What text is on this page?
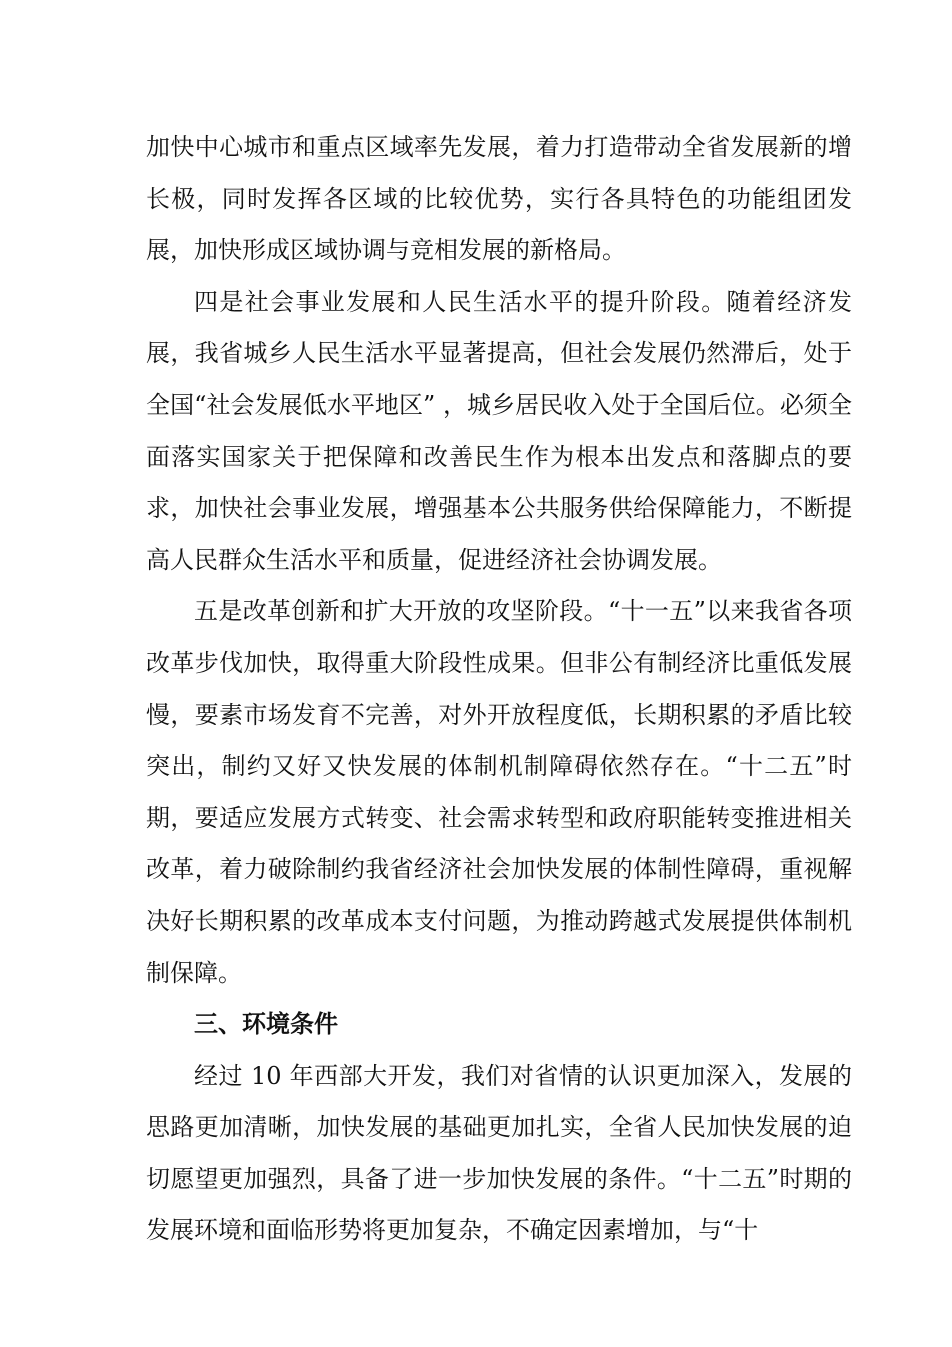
加快中心城市和重点区域率先发展，着力打造带动全省发展新的增长极，同时发挥各区域的比较优势，实行各具特色的功能组团发展，加快形成区域协调与竞相发展的新格局。

四是社会事业发展和人民生活水平的提升阶段。随着经济发展，我省城乡人民生活水平显著提高，但社会发展仍然滞后，处于全国“社会发展低水平地区” ，城乡居民收入处于全国后位。必须全面落实国家关于把保障和改善民生作为根本出发点和落脚点的要求，加快社会事业发展，增强基本公共服务供给保障能力，不断提高人民群众生活水平和质量，促进经济社会协调发展。

五是改革创新和扩大开放的攻坚阶段。“十一五”以来我省各项改革步伐加快，取得重大阶段性成果。但非公有制经济比重低发展慢，要素市场发育不完善，对外开放程度低，长期积累的矛盾比较突出，制约又好又快发展的体制机制障碍依然存在。“十二五”时期，要适应发展方式转变、社会需求转型和政府职能转变推进相关改革，着力破除制约我省经济社会加快发展的体制性障碍，重视解决好长期积累的改革成本支付问题，为推动跨越式发展提供体制机制保障。

三、环境条件

经过 10 年西部大开发，我们对省情的认识更加深入，发展的思路更加清晰，加快发展的基础更加扎实，全省人民加快发展的迫切愿望更加强烈，具备了进一步加快发展的条件。“十二五”时期的发展环境和面临形势将更加复杂，不确定因素增加，与“十
